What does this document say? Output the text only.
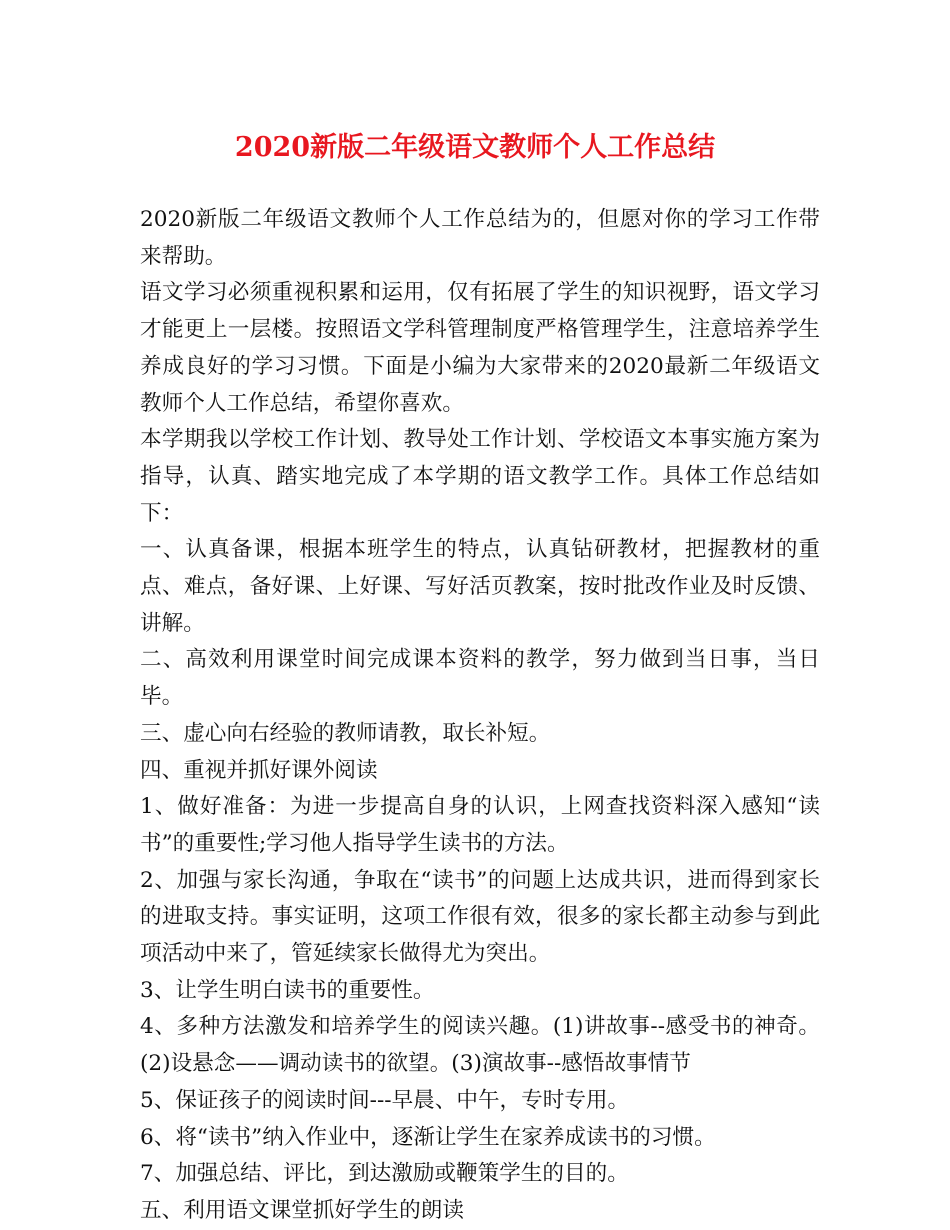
2020新版二年级语文教师个人工作总结

2020新版二年级语文教师个人工作总结为的，但愿对你的学习工作带来帮助。

语文学习必须重视积累和运用，仅有拓展了学生的知识视野，语文学习才能更上一层楼。按照语文学科管理制度严格管理学生，注意培养学生养成良好的学习习惯。下面是小编为大家带来的2020最新二年级语文教师个人工作总结，希望你喜欢。

本学期我以学校工作计划、教导处工作计划、学校语文本事实施方案为指导，认真、踏实地完成了本学期的语文教学工作。具体工作总结如下：

一、认真备课，根据本班学生的特点，认真钻研教材，把握教材的重点、难点，备好课、上好课、写好活页教案，按时批改作业及时反馈、讲解。

二、高效利用课堂时间完成课本资料的教学，努力做到当日事，当日毕。

三、虚心向右经验的教师请教，取长补短。

四、重视并抓好课外阅读

1、做好准备：为进一步提高自身的认识，上网查找资料深入感知“读书”的重要性;学习他人指导学生读书的方法。

2、加强与家长沟通，争取在“读书”的问题上达成共识，进而得到家长的进取支持。事实证明，这项工作很有效，很多的家长都主动参与到此项活动中来了，管延续家长做得尤为突出。

3、让学生明白读书的重要性。

4、多种方法激发和培养学生的阅读兴趣。(1)讲故事--感受书的神奇。(2)设悬念——调动读书的欲望。(3)演故事--感悟故事情节

5、保证孩子的阅读时间---早晨、中午，专时专用。

6、将“读书”纳入作业中，逐渐让学生在家养成读书的习惯。

7、加强总结、评比，到达激励或鞭策学生的目的。

五、利用语文课堂抓好学生的朗读
